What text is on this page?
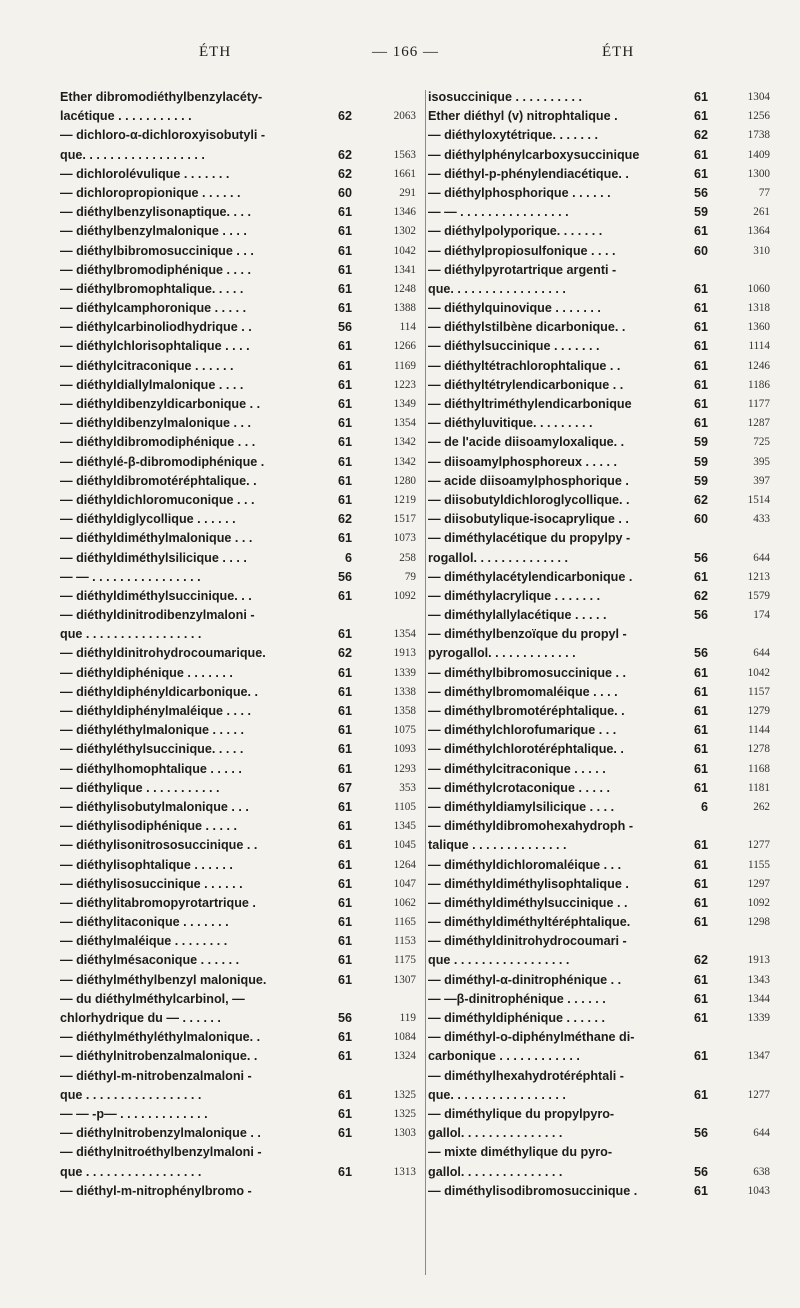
ÉTH	— 166 —	ÉTH
Ether dibromodiéthylbenzylacéty-
lacétique . . . . . . . . . . .	62	2063
— dichloro-α-dichloroxyisobutyli -
que. . . . . . . . . . . . . . . . . .	62	1563
— dichlorolévulique . . . . . . .	62	1661
— dichloropropionique . . . . . .	60	291
— diéthylbenzylisonaptique. . . .	61	1346
— diéthylbenzylmalonique . . . .	61	1302
— diéthylbibromosuccinique . . .	61	1042
— diéthylbromodiphénique . . . .	61	1341
— diéthylbromophtalique. . . . .	61	1248
— diéthylcamphoronique . . . . .	61	1388
— diéthylcarbinoliodhydrique . .	56	114
— diéthylchlorisophtalique . . . .	61	1266
— diéthylcitraconique . . . . . .	61	1169
— diéthyldiallylmalonique . . . .	61	1223
— diéthyldibenzyldicarbonique . .	61	1349
— diéthyldibenzylmalonique . . .	61	1354
— diéthyldibromodiphénique . . .	61	1342
— diéthylé-β-dibromodiphénique .	61	1342
— diéthyldibromotéréphtalique. .	61	1280
— diéthyldichloromuconique . . .	61	1219
— diéthyldiglycollique . . . . . .	62	1517
— diéthyldiméthylmalonique . . .	61	1073
— diéthyldiméthylsilicique . . . .	6	258
— — . . . . . . . . . . . . . . . .	56	79
— diéthyldiméthylsuccinique. . .	61	1092
— diéthyldinitrodibenzylmaloni -
que . . . . . . . . . . . . . . . . .	61	1354
— diéthyldinitrohydrocoumarique.	62	1913
— diéthyldiphénique . . . . . . .	61	1339
— diéthyldiphényldicarbonique. .	61	1338
— diéthyldiphénylmaléique . . . .	61	1358
— diéthyléthylmalonique . . . . .	61	1075
— diéthyléthylsuccinique. . . . .	61	1093
— diéthylhomophtalique . . . . .	61	1293
— diéthylique . . . . . . . . . . .	67	353
— diéthylisobutylmalonique . . .	61	1105
— diéthylisodiphénique . . . . .	61	1345
— diéthylisonitrososuccinique . .	61	1045
— diéthylisophtalique . . . . . .	61	1264
— diéthylisosuccinique . . . . . .	61	1047
— diéthylitabromopyrotartrique .	61	1062
— diéthylitaconique . . . . . . .	61	1165
— diéthylmaléique . . . . . . . .	61	1153
— diéthylmésaconique . . . . . .	61	1175
— diéthylméthylbenzyl malonique.	61	1307
— du diéthylméthylcarbinol, —
chlorhydrique du — . . . . . .	56	119
— diéthylméthyléthylmalonique. .	61	1084
— diéthylnitrobenzalmalonique. .	61	1324
— diéthyl-m-nitrobenzalmaloni -
que . . . . . . . . . . . . . . . . .	61	1325
— — -p— . . . . . . . . . . . . .	61	1325
— diéthylnitrobenzylmalonique . .	61	1303
— diéthylnitroéthylbenzylmaloni -
que . . . . . . . . . . . . . . . . .	61	1313
— diéthyl-m-nitrophénylbromo -
isosuccinique . . . . . . . . . .	61	1304
Ether diéthyl (v) nitrophtalique .	61	1256
— diéthyloxytétrique. . . . . . .	62	1738
— diéthylphénylcarboxysuccinique	61	1409
— diéthyl-p-phénylendiacétique. .	61	1300
— diéthylphosphorique . . . . . .	56	77
— — . . . . . . . . . . . . . . . .	59	261
— diéthylpolyporique. . . . . . .	61	1364
— diéthylpropiosulfonique . . . .	60	310
— diéthylpyrotartrique argenti -
que. . . . . . . . . . . . . . . . .	61	1060
— diéthylquinovique . . . . . . .	61	1318
— diéthylstilbène dicarbonique. .	61	1360
— diéthylsuccinique . . . . . . .	61	1114
— diéthyltétrachlorophtalique . .	61	1246
— diéthyltétrylendicarbonique . .	61	1186
— diéthyltriméthylendicarbonique	61	1177
— diéthyluvitique. . . . . . . . .	61	1287
— de l'acide diisoamyloxalique. .	59	725
— diisoamylphosphoreux . . . . .	59	395
— acide diisoamylphosphorique .	59	397
— diisobutyldichloroglycollique. .	62	1514
— diisobutylique-isocaprylique . .	60	433
— diméthylacétique du propylpy -
rogallol. . . . . . . . . . . . . .	56	644
— diméthylacétylendicarbonique .	61	1213
— diméthylacrylique . . . . . . .	62	1579
— diméthylallylacétique . . . . .	56	174
— diméthylbenzoïque du propyl -
pyrogallol. . . . . . . . . . . . .	56	644
— diméthylbibromosuccinique . .	61	1042
— diméthylbromomaléique . . . .	61	1157
— diméthylbromotéréphtalique. .	61	1279
— diméthylchlorofumarique . . .	61	1144
— diméthylchlorotéréphtalique. .	61	1278
— diméthylcitraconique . . . . .	61	1168
— diméthylcrotaconique . . . . .	61	1181
— diméthyldiamylsilicique . . . .	6	262
— diméthyldibromohexahydroph -
talique . . . . . . . . . . . . . .	61	1277
— diméthyldichloromaléique . . .	61	1155
— diméthyldiméthylisophtalique .	61	1297
— diméthyldiméthylsuccinique . .	61	1092
— diméthyldiméthyltéréphtalique.	61	1298
— diméthyldinitrohydrocoumari -
que . . . . . . . . . . . . . . . . .	62	1913
— diméthyl-α-dinitrophénique . .	61	1343
— —β-dinitrophénique . . . . . .	61	1344
— diméthyldiphénique . . . . . .	61	1339
— diméthyl-o-diphénylméthane di-
carbonique . . . . . . . . . . . .	61	1347
— diméthylhexahydrotéréphtali -
que. . . . . . . . . . . . . . . . .	61	1277
— diméthylique du propylpyro-
gallol. . . . . . . . . . . . . . .	56	644
— mixte diméthylique du pyro-
gallol. . . . . . . . . . . . . . .	56	638
— diméthylisodibromosuccinique .	61	1043
